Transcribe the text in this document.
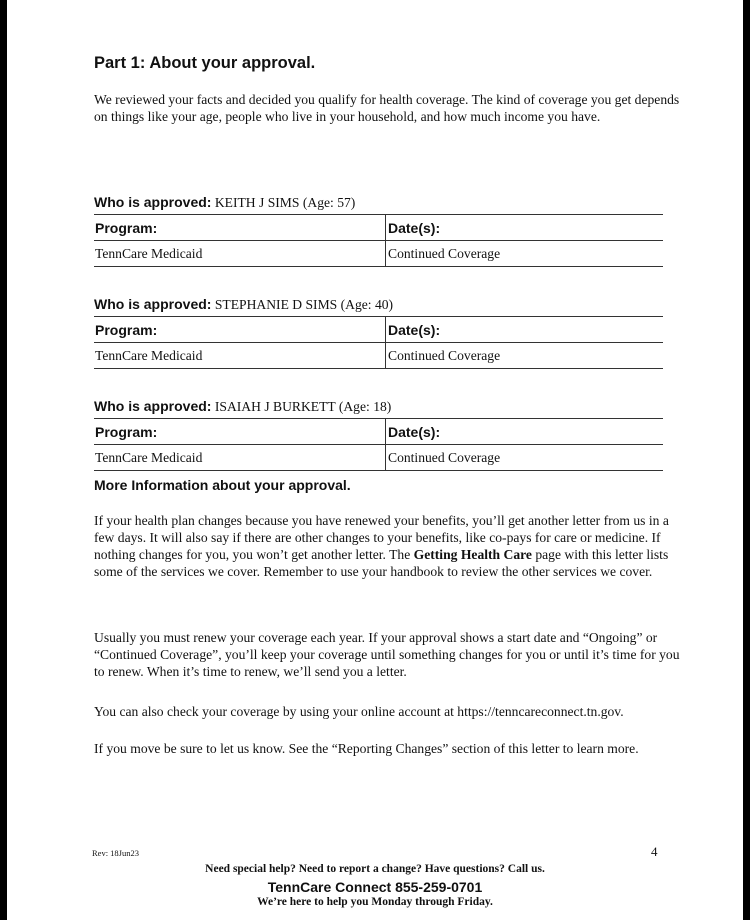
Part 1: About your approval.
We reviewed your facts and decided you qualify for health coverage. The kind of coverage you get depends on things like your age, people who live in your household, and how much income you have.
Who is approved: KEITH J SIMS (Age: 57)
Program:	Date(s):
TennCare Medicaid	Continued Coverage
Who is approved: STEPHANIE D SIMS (Age: 40)
Program:	Date(s):
TennCare Medicaid	Continued Coverage
Who is approved: ISAIAH J BURKETT (Age: 18)
Program:	Date(s):
TennCare Medicaid	Continued Coverage
More Information about your approval.
If your health plan changes because you have renewed your benefits, you’ll get another letter from us in a few days. It will also say if there are other changes to your benefits, like co-pays for care or medicine. If nothing changes for you, you won’t get another letter. The Getting Health Care page with this letter lists some of the services we cover. Remember to use your handbook to review the other services we cover.
Usually you must renew your coverage each year. If your approval shows a start date and “Ongoing” or “Continued Coverage”, you’ll keep your coverage until something changes for you or until it’s time for you to renew. When it’s time to renew, we’ll send you a letter.
You can also check your coverage by using your online account at https://tenncareconnect.tn.gov.
If you move be sure to let us know. See the “Reporting Changes” section of this letter to learn more.
Rev: 18Jun23	4
Need special help? Need to report a change? Have questions? Call us.
TennCare Connect 855-259-0701
We’re here to help you Monday through Friday.
